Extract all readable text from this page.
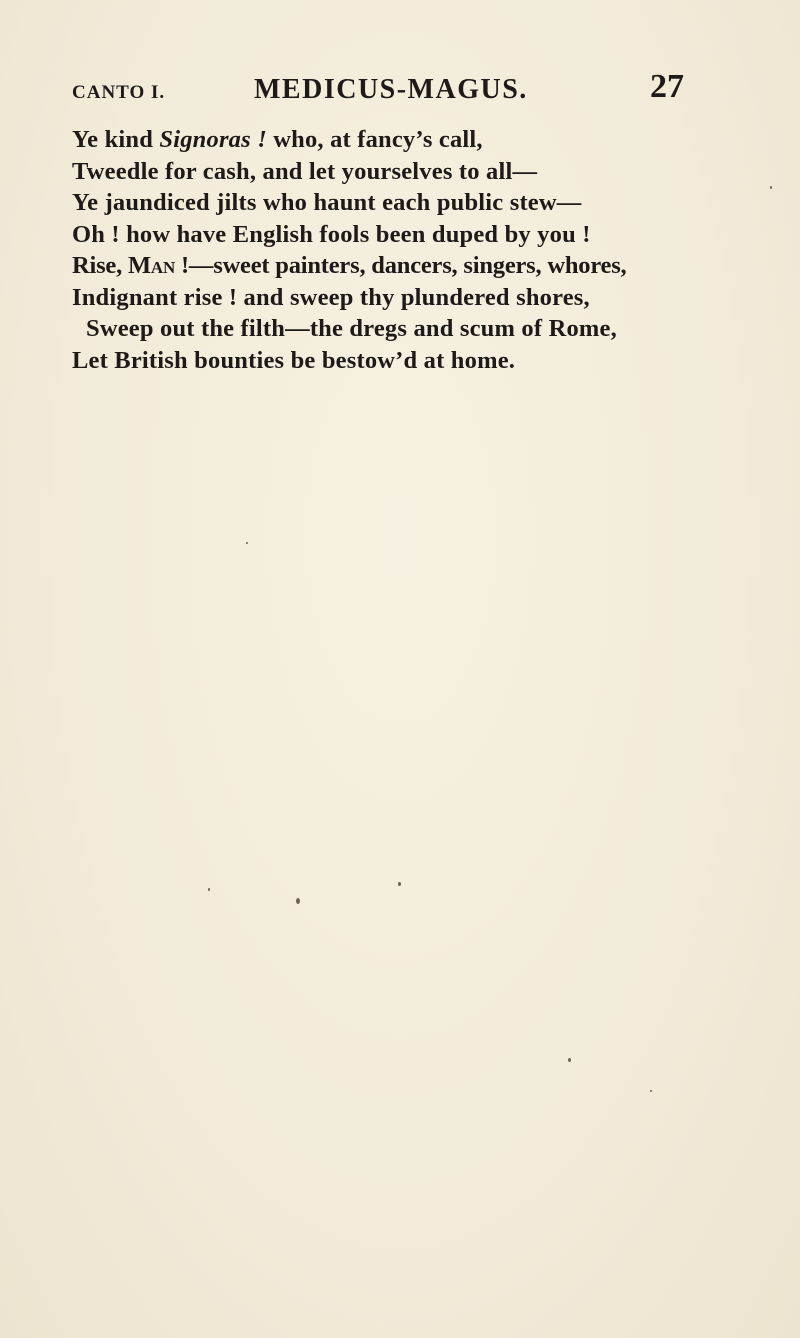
CANTO I.	MEDICUS-MAGUS.	27
Ye kind Signoras ! who, at fancy’s call,
Tweedle for cash, and let yourselves to all—
Ye jaundiced jilts who haunt each public stew—
Oh ! how have English fools been duped by you !
Rise, Man !—sweet painters, dancers, singers, whores,
Indignant rise ! and sweep thy plundered shores,
Sweep out the filth—the dregs and scum of Rome,
Let British bounties be bestow’d at home.
